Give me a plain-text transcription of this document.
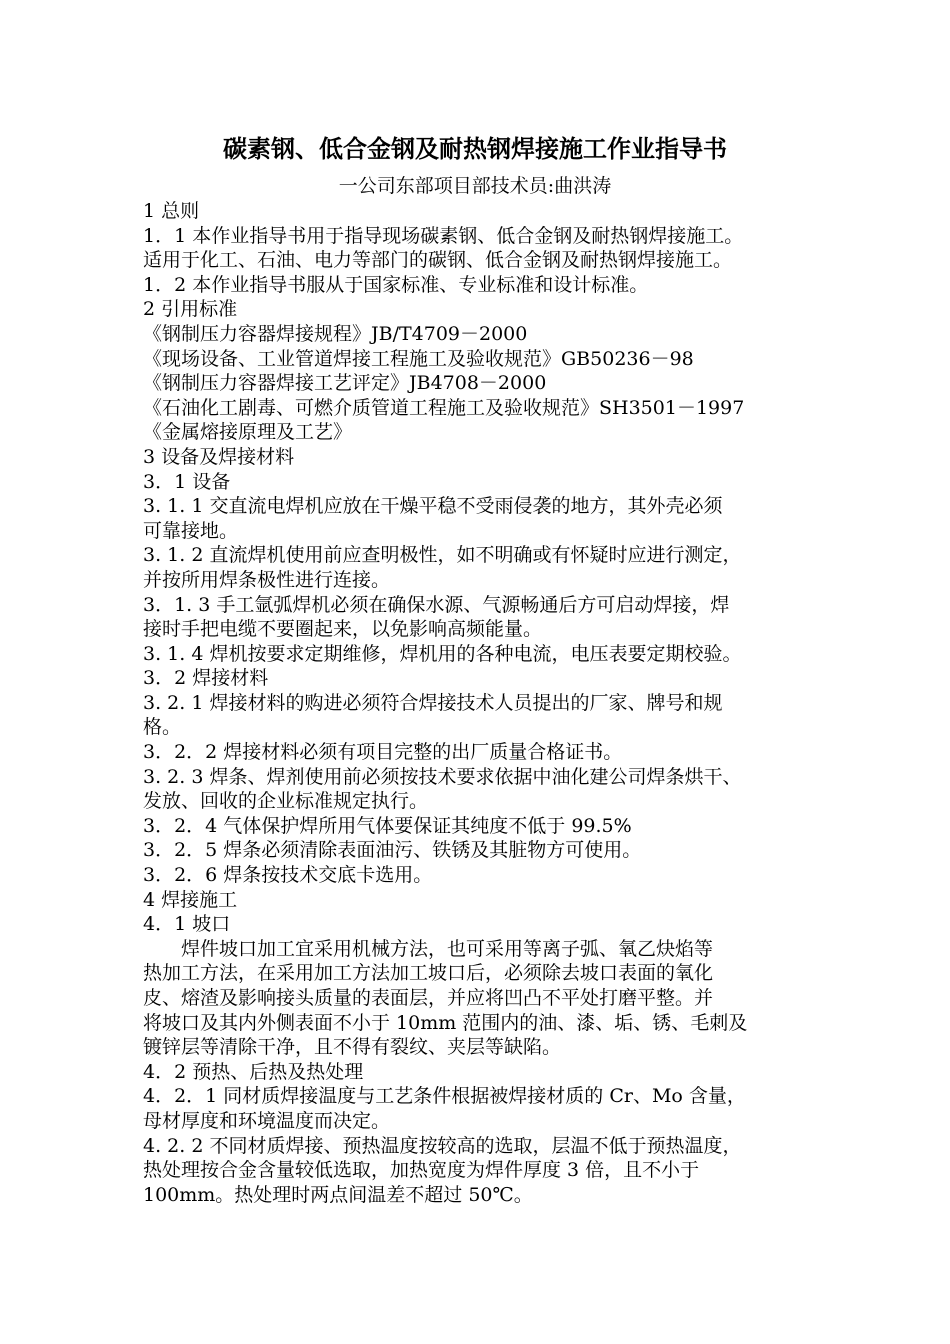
碳素钢、低合金钢及耐热钢焊接施工作业指导书
一公司东部项目部技术员:曲洪涛
1 总则
1．1 本作业指导书用于指导现场碳素钢、低合金钢及耐热钢焊接施工。
适用于化工、石油、电力等部门的碳钢、低合金钢及耐热钢焊接施工。
1．2 本作业指导书服从于国家标准、专业标准和设计标准。
2 引用标准
《钢制压力容器焊接规程》JB/T4709－2000
《现场设备、工业管道焊接工程施工及验收规范》GB50236－98
《钢制压力容器焊接工艺评定》JB4708－2000
《石油化工剧毒、可燃介质管道工程施工及验收规范》SH3501－1997
《金属熔接原理及工艺》
3 设备及焊接材料
3．1 设备
3. 1. 1 交直流电焊机应放在干燥平稳不受雨侵袭的地方，其外壳必须
可靠接地。
3. 1. 2 直流焊机使用前应查明极性，如不明确或有怀疑时应进行测定，
并按所用焊条极性进行连接。
3．1. 3 手工氩弧焊机必须在确保水源、气源畅通后方可启动焊接，焊
接时手把电缆不要圈起来，以免影响高频能量。
3. 1. 4 焊机按要求定期维修，焊机用的各种电流，电压表要定期校验。
3．2 焊接材料
3. 2. 1 焊接材料的购进必须符合焊接技术人员提出的厂家、牌号和规
格。
3．2．2 焊接材料必须有项目完整的出厂质量合格证书。
3. 2. 3 焊条、焊剂使用前必须按技术要求依据中油化建公司焊条烘干、
发放、回收的企业标准规定执行。
3．2．4 气体保护焊所用气体要保证其纯度不低于 99.5%
3．2．5 焊条必须清除表面油污、铁锈及其脏物方可使用。
3．2．6 焊条按技术交底卡选用。
4 焊接施工
4．1 坡口
　　焊件坡口加工宜采用机械方法，也可采用等离子弧、氧乙炔焰等
热加工方法，在采用加工方法加工坡口后，必须除去坡口表面的氧化
皮、熔渣及影响接头质量的表面层，并应将凹凸不平处打磨平整。并
将坡口及其内外侧表面不小于 10mm 范围内的油、漆、垢、锈、毛刺及
镀锌层等清除干净，且不得有裂纹、夹层等缺陷。
4．2 预热、后热及热处理
4．2．1 同材质焊接温度与工艺条件根据被焊接材质的 Cr、Mo 含量，
母材厚度和环境温度而决定。
4. 2. 2 不同材质焊接、预热温度按较高的选取，层温不低于预热温度，
热处理按合金含量较低选取，加热宽度为焊件厚度 3 倍，且不小于
100mm。热处理时两点间温差不超过 50℃。
